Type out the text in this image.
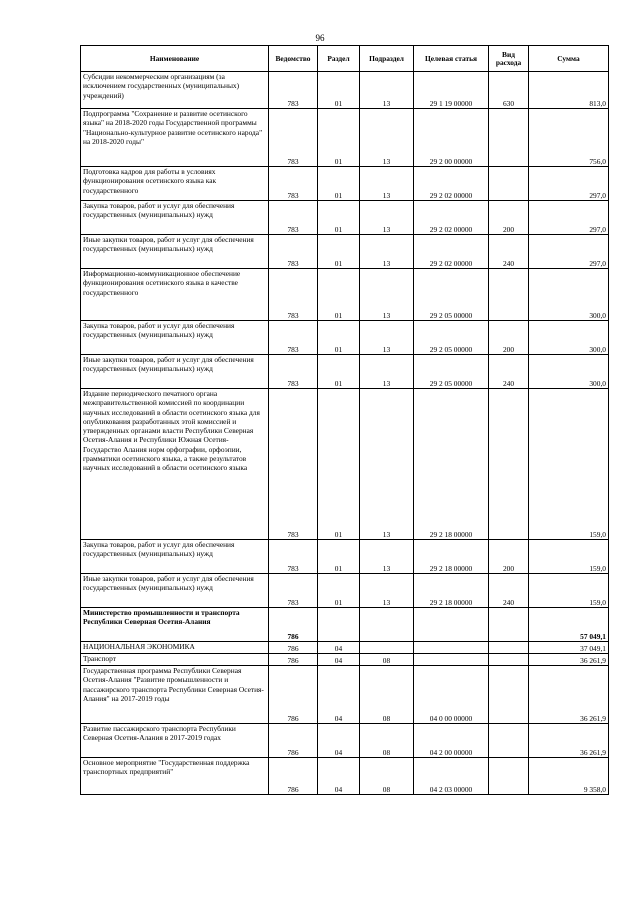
96
Наименование	Ведомство	Раздел	Подраздел	Целевая статья	Вид расхода	Сумма
Субсидии некоммерческим организациям (за исключением государственных (муниципальных) учреждений)	783	01	13	29 1 19 00000	630	813,0
Подпрограмма "Сохранение и развитие осетинского языка" на 2018-2020 годы Государственной программы "Национально-культурное развитие осетинского народа" на 2018-2020 годы"	783	01	13	29 2 00 00000		756,0
Подготовка кадров для работы в условиях функционирования осетинского языка как государственного	783	01	13	29 2 02 00000		297,0
Закупка товаров, работ и услуг для обеспечения государственных (муниципальных) нужд	783	01	13	29 2 02 00000	200	297,0
Иные закупки товаров, работ и услуг для обеспечения государственных (муниципальных) нужд	783	01	13	29 2 02 00000	240	297,0
Информационно-коммуникационное обеспечение функционирования осетинского языка в качестве государственного	783	01	13	29 2 05 00000		300,0
Закупка товаров, работ и услуг для обеспечения государственных (муниципальных) нужд	783	01	13	29 2 05 00000	200	300,0
Иные закупки товаров, работ и услуг для обеспечения государственных (муниципальных) нужд	783	01	13	29 2 05 00000	240	300,0
Издание периодического печатного органа межправительственной комиссией по координации научных исследований в области осетинского языка для опубликования разработанных этой комиссией и утвержденных органами власти Республики Северная Осетия-Алания и Республики Южная Осетия-Государство Алания норм орфографии, орфоэпии, грамматики осетинского языка, а также результатов научных исследований в области осетинского языка	783	01	13	29 2 18 00000		159,0
Закупка товаров, работ и услуг для обеспечения государственных (муниципальных) нужд	783	01	13	29 2 18 00000	200	159,0
Иные закупки товаров, работ и услуг для обеспечения государственных (муниципальных) нужд	783	01	13	29 2 18 00000	240	159,0
Министерство промышленности и транспорта Республики Северная Осетия-Алания	786					57 049,1
НАЦИОНАЛЬНАЯ ЭКОНОМИКА	786	04				37 049,1
Транспорт	786	04	08			36 261,9
Государственная программа Республики Северная Осетия-Алания "Развитие промышленности и пассажирского транспорта Республики Северная Осетия-Алания" на 2017-2019 годы	786	04	08	04 0 00 00000		36 261,9
Развитие пассажирского транспорта Республики Северная Осетия-Алания в 2017-2019 годах	786	04	08	04 2 00 00000		36 261,9
Основное мероприятие "Государственная поддержка транспортных предприятий"	786	04	08	04 2 03 00000		9 358,0
